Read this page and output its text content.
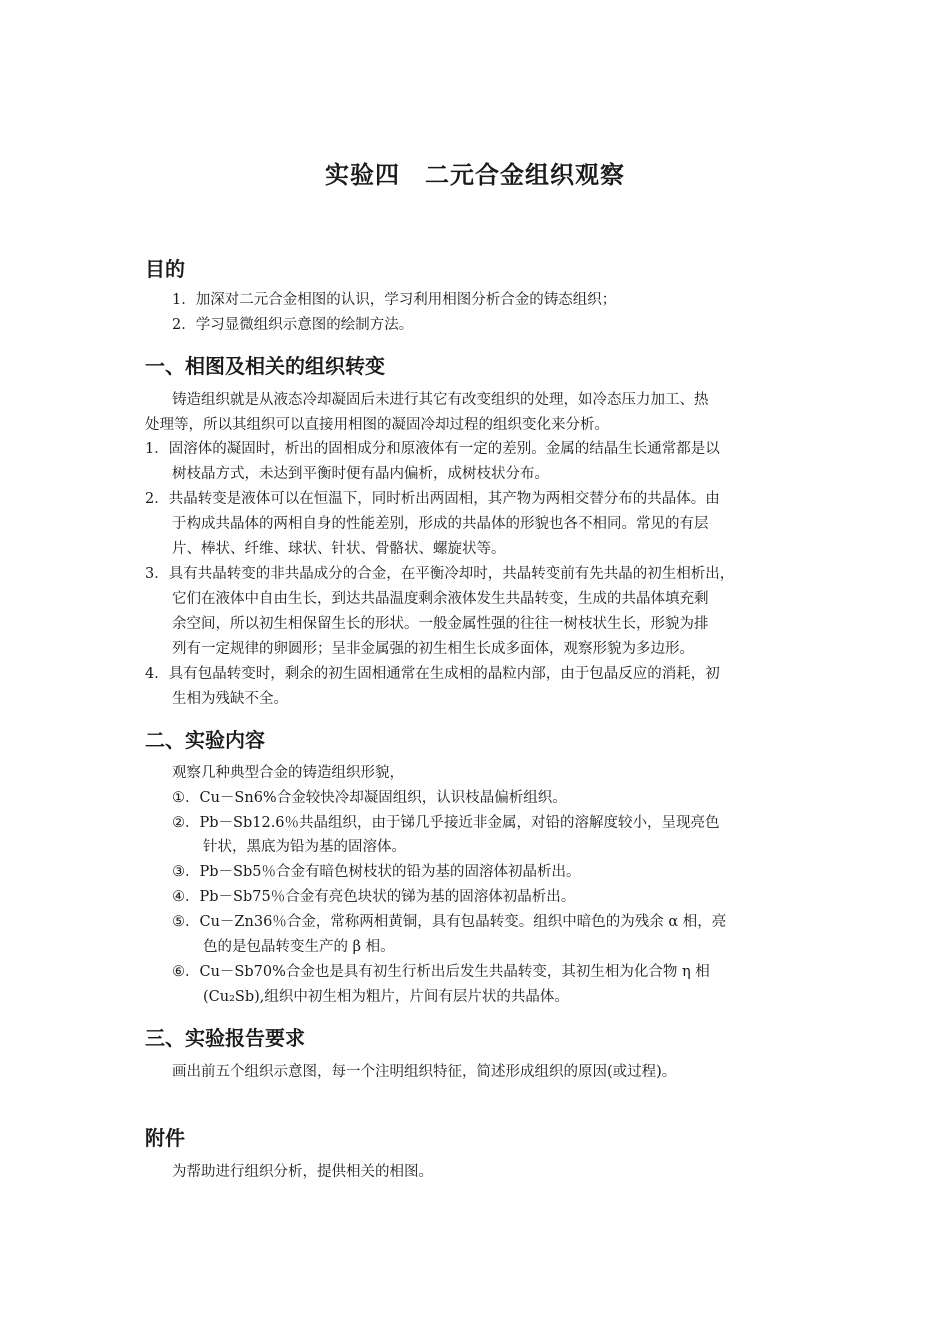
实验四　二元合金组织观察
目的
1．加深对二元合金相图的认识，学习利用相图分析合金的铸态组织；
2．学习显微组织示意图的绘制方法。
一、相图及相关的组织转变
铸造组织就是从液态冷却凝固后未进行其它有改变组织的处理，如冷态压力加工、热
处理等，所以其组织可以直接用相图的凝固冷却过程的组织变化来分析。
1．固溶体的凝固时，析出的固相成分和原液体有一定的差别。金属的结晶生长通常都是以
树枝晶方式，未达到平衡时便有晶内偏析，成树枝状分布。
2．共晶转变是液体可以在恒温下，同时析出两固相，其产物为两相交替分布的共晶体。由
于构成共晶体的两相自身的性能差别，形成的共晶体的形貌也各不相同。常见的有层
片、棒状、纤维、球状、针状、骨骼状、螺旋状等。
3．具有共晶转变的非共晶成分的合金，在平衡冷却时，共晶转变前有先共晶的初生相析出，
它们在液体中自由生长，到达共晶温度剩余液体发生共晶转变，生成的共晶体填充剩
余空间，所以初生相保留生长的形状。一般金属性强的往往一树枝状生长，形貌为排
列有一定规律的卵圆形；呈非金属强的初生相生长成多面体，观察形貌为多边形。
4．具有包晶转变时，剩余的初生固相通常在生成相的晶粒内部，由于包晶反应的消耗，初
生相为残缺不全。
二、实验内容
观察几种典型合金的铸造组织形貌，
①．Cu－Sn6%合金较快冷却凝固组织，认识枝晶偏析组织。
②．Pb－Sb12.6％共晶组织，由于锑几乎接近非金属，对铅的溶解度较小，呈现亮色
针状，黑底为铅为基的固溶体。
③．Pb－Sb5％合金有暗色树枝状的铅为基的固溶体初晶析出。
④．Pb－Sb75％合金有亮色块状的锑为基的固溶体初晶析出。
⑤．Cu－Zn36％合金，常称两相黄铜，具有包晶转变。组织中暗色的为残余 α 相，亮
色的是包晶转变生产的 β 相。
⑥．Cu－Sb70%合金也是具有初生行析出后发生共晶转变，其初生相为化合物 η 相
(Cu₂Sb),组织中初生相为粗片，片间有层片状的共晶体。
三、实验报告要求
画出前五个组织示意图，每一个注明组织特征，简述形成组织的原因(或过程)。
附件
为帮助进行组织分析，提供相关的相图。
